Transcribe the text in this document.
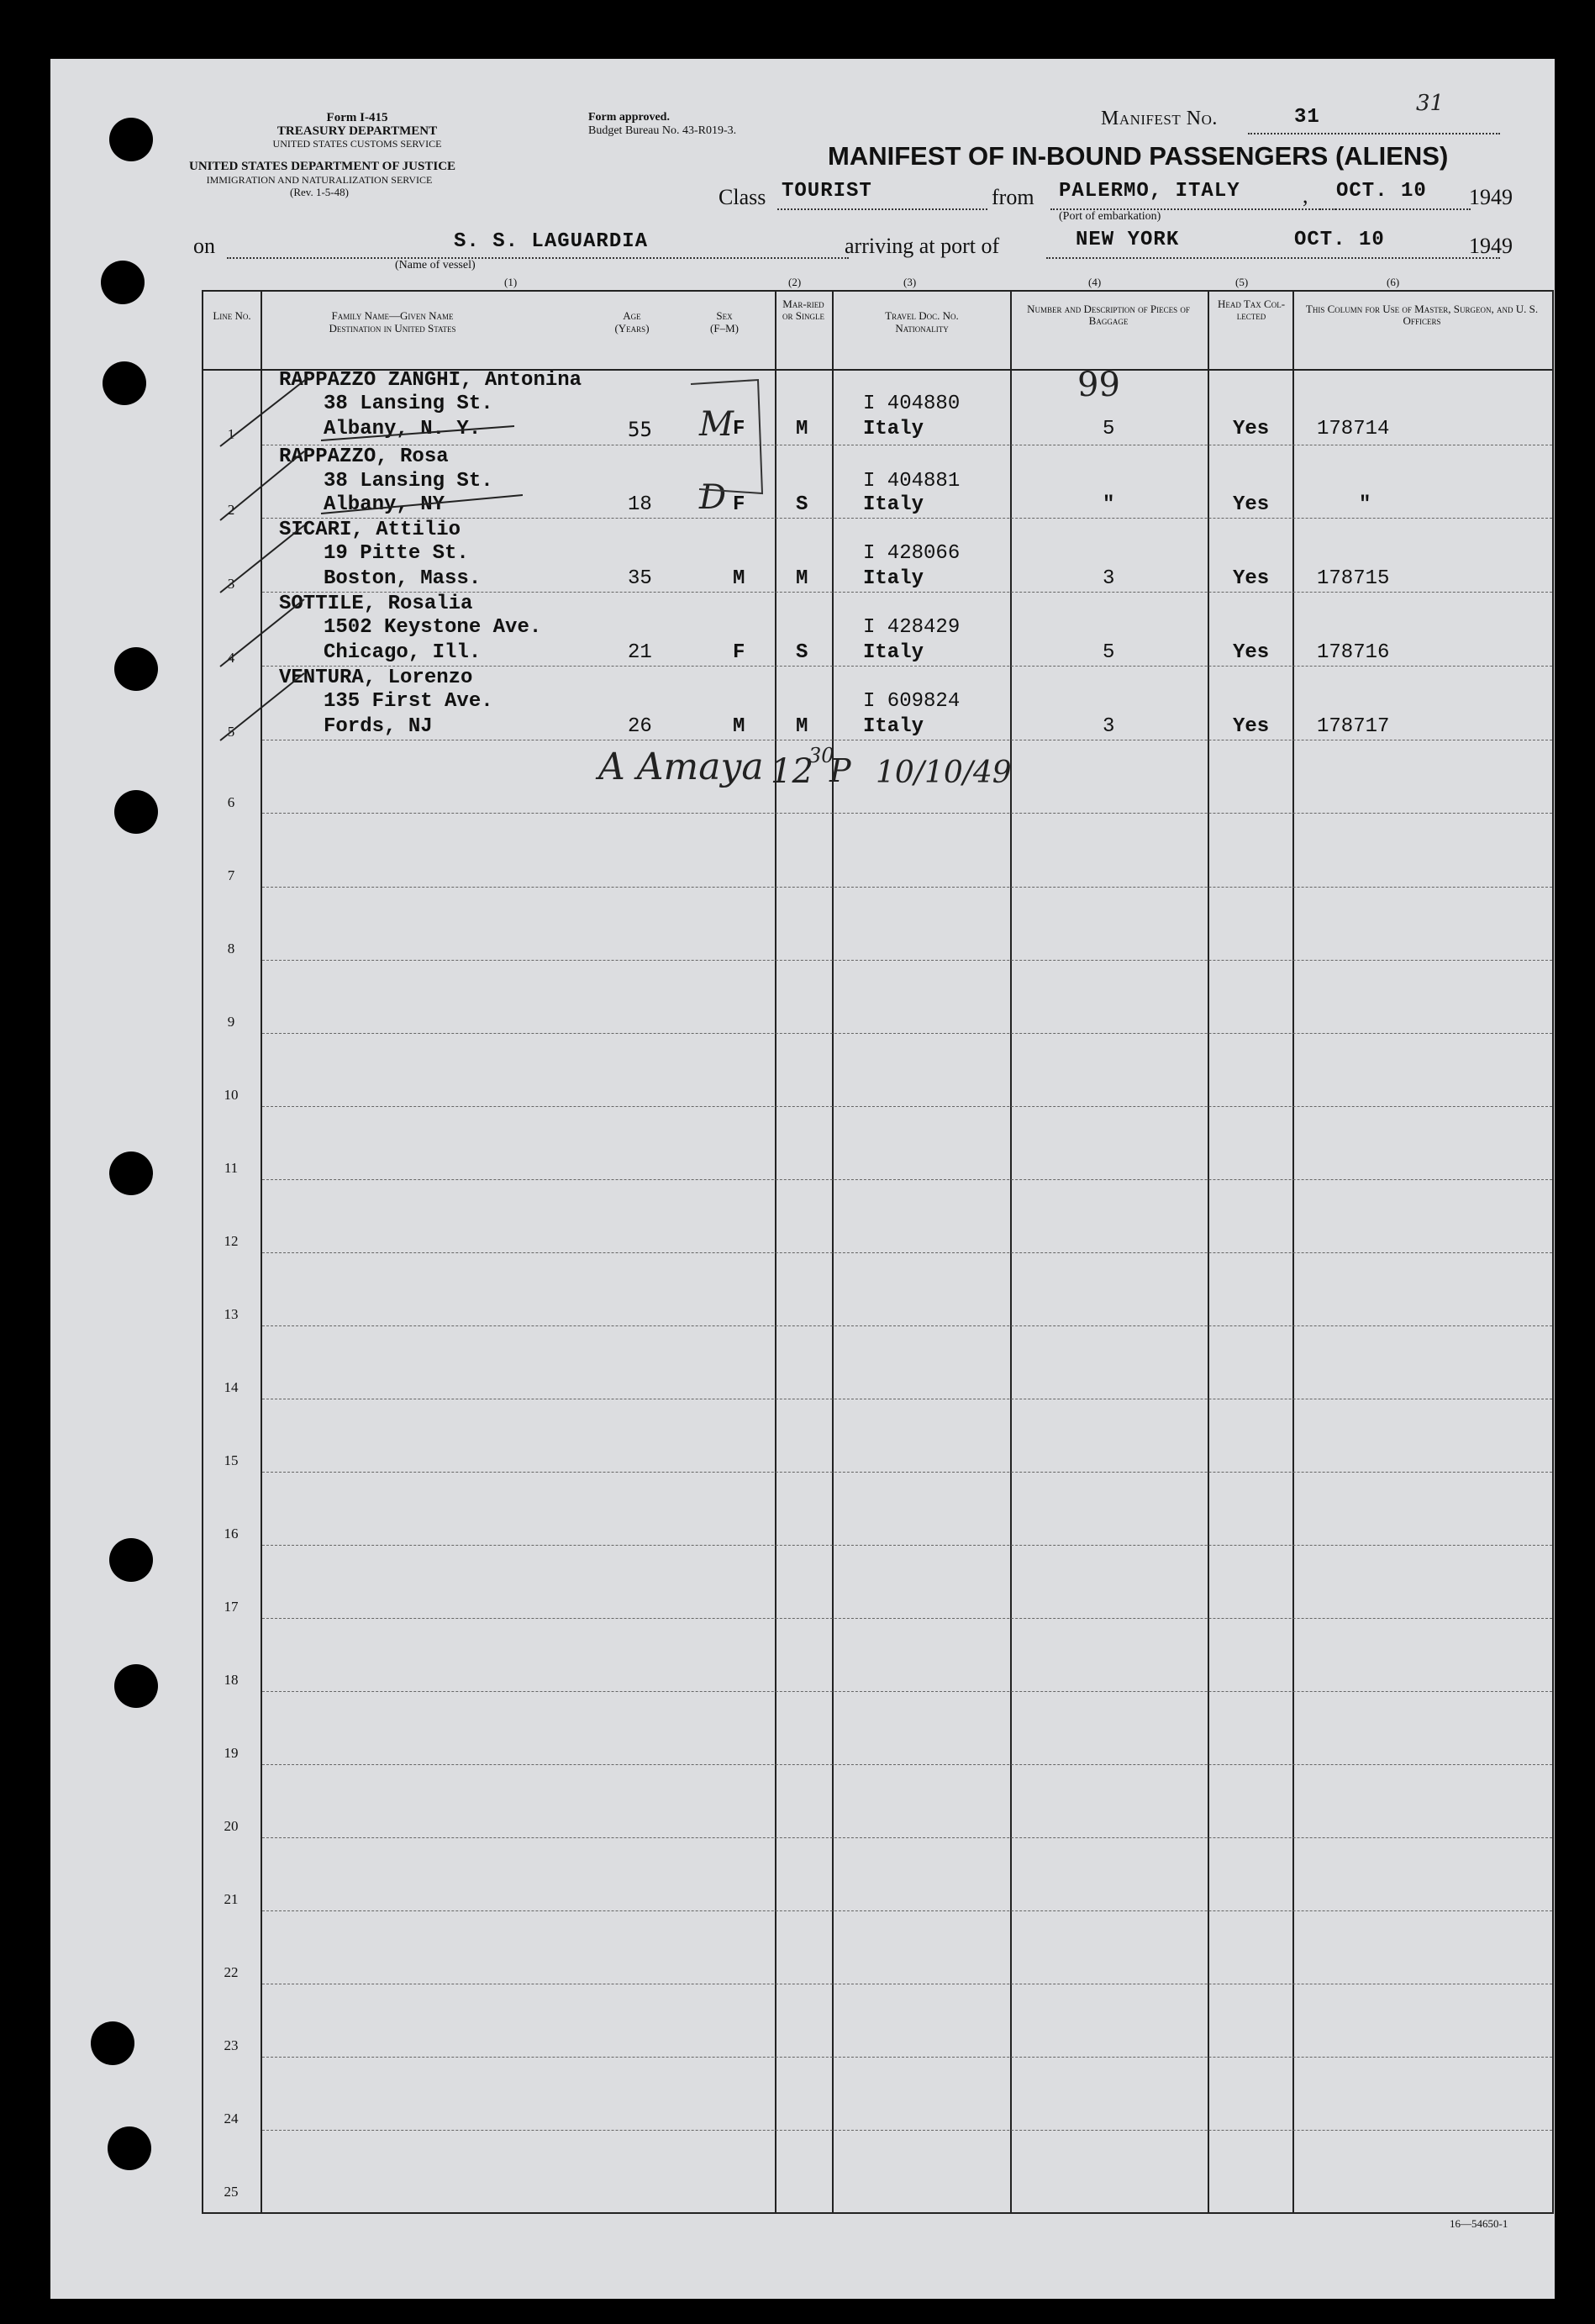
Form I-415
TREASURY DEPARTMENT
UNITED STATES CUSTOMS SERVICE
UNITED STATES DEPARTMENT OF JUSTICE
IMMIGRATION AND NATURALIZATION SERVICE
(Rev. 1-5-48)
Form approved.
Budget Bureau No. 43-R019-3.
Manifest No.	31
31
MANIFEST OF IN-BOUND PASSENGERS (ALIENS)
Class TOURIST	from PALERMO, ITALY	, OCT. 10 1949
(Port of embarkation)
on	S. S. LAGUARDIA
(Name of vessel)
arriving at port of	NEW YORK	OCT. 10	1949
(1)	(2)	(3)	(4)	(5)	(6)
Line No.	Family Name—Given Name
Destination in United States
Age
(Years)
Sex
(F–M)
Mar-ried or Single	Travel Doc. No.
Nationality
Number and Description of Pieces of Baggage
Head Tax Col-lected
This Column for Use of Master, Surgeon, and U. S. Officers
1
RAPPAZZO ZANGHI, Antonina
38 Lansing St.
Albany, N. Y.	55	F	M
I 404880
Italy	5	Yes 178714
99
M
2
RAPPAZZO, Rosa
38 Lansing St.
Albany, NY	18	F	S
I 404881
Italy	"	Yes	"
D
3
SICARI, Attilio
19 Pitte St.
Boston, Mass.	35	M	M
I 428066
Italy	3	Yes 178715
4
SOTTILE, Rosalia
1502 Keystone Ave.
Chicago, Ill.	21	F	S
I 428429
Italy	5	Yes 178716
5
VENTURA, Lorenzo
135 First Ave.
Fords, NJ	26	M	M
I 609824
Italy	3	Yes 178717
A Amaya 12
30
P 10/10/49
6
7
8
9
10
11
12
13
14
15
16
17
18
19
20
21
22
23
24
25
16—54650-1
